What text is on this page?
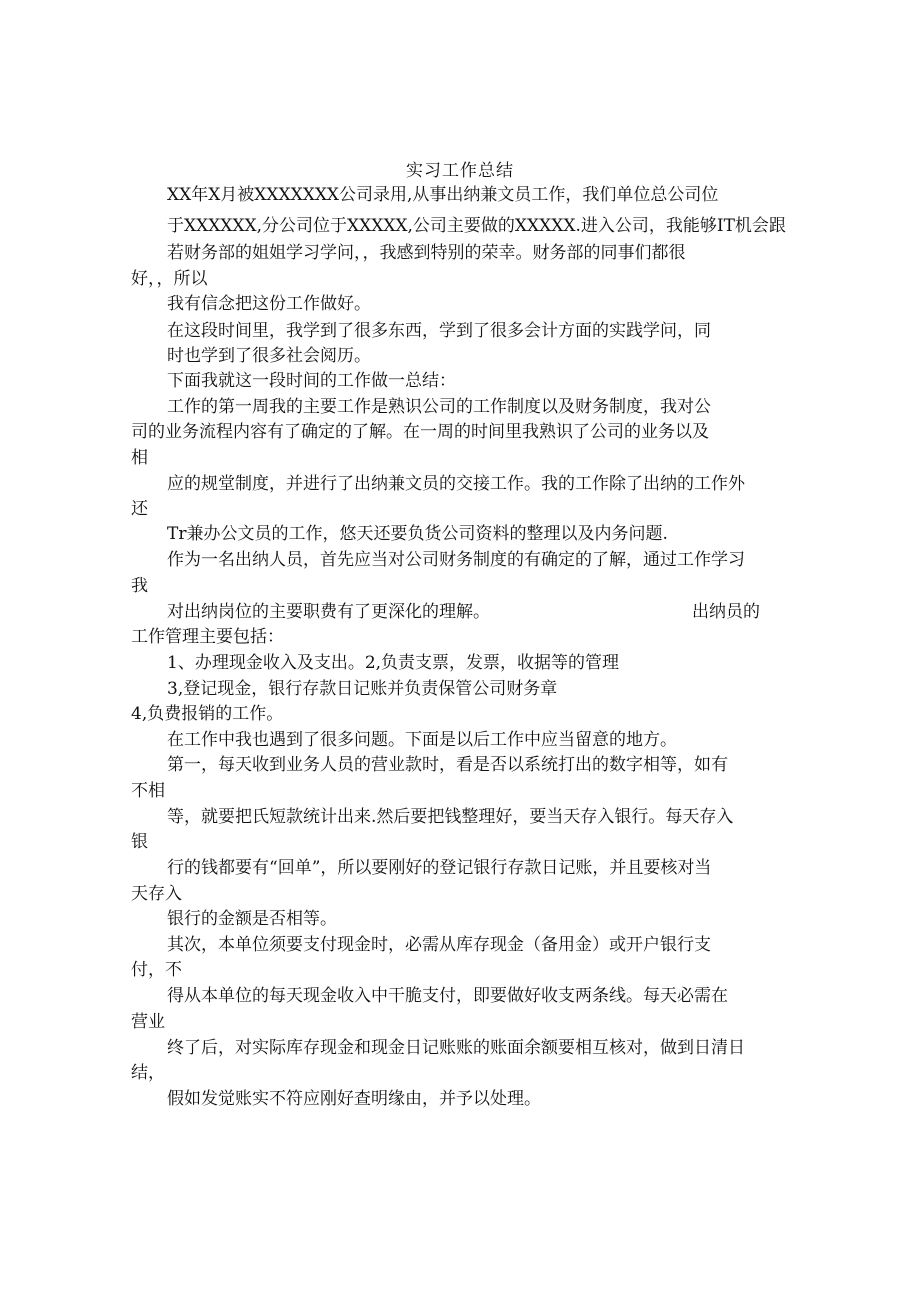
实习工作总结
XX年X月被XXXXXXX公司录用,从事出纳兼文员工作，我们单位总公司位
于XXXXXX,分公司位于XXXXX,公司主要做的XXXXX.进入公司，我能够IT机会跟
若财务部的姐姐学习学问，，我感到特别的荣幸。财务部的同事们都很
好，，所以
我有信念把这份工作做好。
在这段时间里，我学到了很多东西，学到了很多会计方面的实践学问，同
时也学到了很多社会阅历。
下面我就这一段时间的工作做一总结：
工作的第一周我的主要工作是熟识公司的工作制度以及财务制度，我对公
司的业务流程内容有了确定的了解。在一周的时间里我熟识了公司的业务以及
相
应的规堂制度，并进行了出纳兼文员的交接工作。我的工作除了出纳的工作外
还
Tr兼办公文员的工作，悠天还要负货公司资料的整理以及内务问题.
作为一名出纳人员，首先应当对公司财务制度的有确定的了解，通过工作学习
我
对出纳岗位的主要职费有了更深化的理解。	出纳员的
工作管理主要包括：
1、办理现金收入及支出。2,负责支票，发票，收据等的管理
3,登记现金，银行存款日记账并负责保管公司财务章
4,负费报销的工作。
在工作中我也遇到了很多问题。下面是以后工作中应当留意的地方。
第一，每天收到业务人员的营业款时，看是否以系统打出的数字相等，如有
不相
等，就要把氏短款统计出来.然后要把钱整理好，要当天存入银行。每天存入
银
行的钱都要有“回单”，所以要刚好的登记银行存款日记账，并且要核对当
天存入
银行的金额是否相等。
其次，本单位须要支付现金时，必需从库存现金（备用金）或开户银行支
付，不
得从本单位的每天现金收入中干脆支付，即要做好收支两条线。每天必需在
营业
终了后，对实际库存现金和现金日记账账的账面余额要相互核对，做到日清日
结，
假如发觉账实不符应刚好查明缘由，并予以处理。
